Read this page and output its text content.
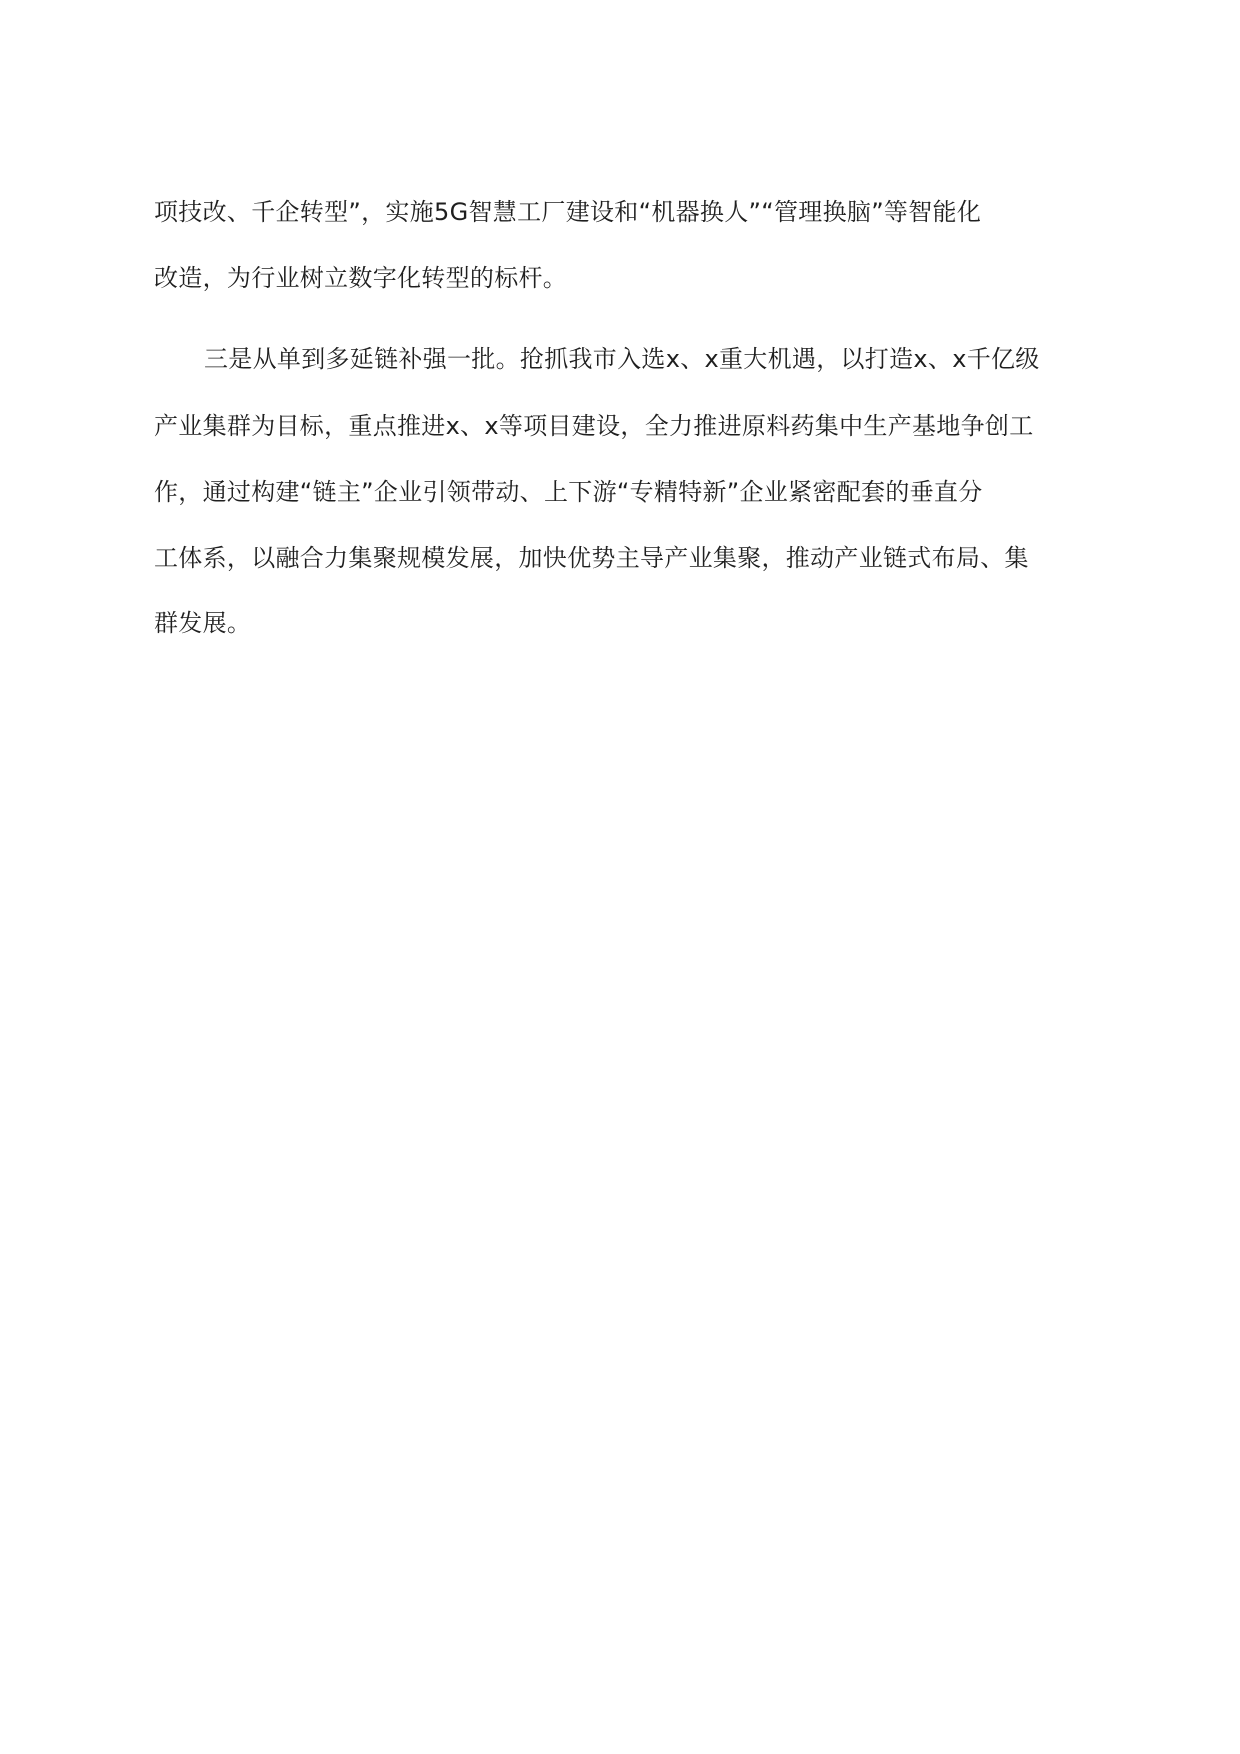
项技改、千企转型”，实施5G智慧工厂建设和“机器换人”“管理换脑”等智能化
改造，为行业树立数字化转型的标杆。
三是从单到多延链补强一批。抢抓我市入选x、x重大机遇，以打造x、x千亿级
产业集群为目标，重点推进x、x等项目建设，全力推进原料药集中生产基地争创工
作，通过构建“链主”企业引领带动、上下游“专精特新”企业紧密配套的垂直分
工体系，以融合力集聚规模发展，加快优势主导产业集聚，推动产业链式布局、集
群发展。
